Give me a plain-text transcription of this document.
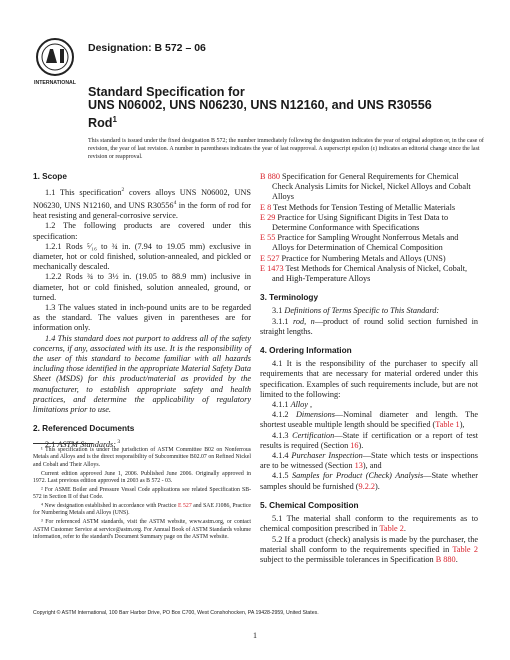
INTERNATIONAL
Designation: B 572 – 06
Standard Specification for
UNS N06002, UNS N06230, UNS N12160, and UNS R30556
Rod$^1$
This standard is issued under the fixed designation B 572; the number immediately following the designation indicates the year of original adoption or, in the case of revision, the year of last revision. A number in parentheses indicates the year of last reapproval. A superscript epsilon (ε) indicates an editorial change since the last revision or reapproval.

1. Scope

1.1 This specification$^2$ covers alloys UNS N06002, UNS N06230, UNS N12160, and UNS R30556$^4$ in the form of rod for heat resisting and general-corrosive service.

1.2 The following products are covered under this specification:

1.2.1 Rods ⁵⁄₁₆ to ¾ in. (7.94 to 19.05 mm) exclusive in diameter, hot or cold finished, solution-annealed, and pickled or mechanically descaled.

1.2.2 Rods ¾ to 3½ in. (19.05 to 88.9 mm) inclusive in diameter, hot or cold finished, solution annealed, ground, or turned.

1.3 The values stated in inch-pound units are to be regarded as the standard. The values given in parentheses are for information only.

1.4 This standard does not purport to address all of the safety concerns, if any, associated with its use. It is the responsibility of the user of this standard to become familiar with all hazards including those identified in the appropriate Material Safety Data Sheet (MSDS) for this product/material as provided by the manufacturer, to establish appropriate safety and health practices, and determine the applicability of regulatory limitations prior to use.

2. Referenced Documents

2.1 ASTM Standards: $^3$

B 880 Specification for General Requirements for Chemical Check Analysis Limits for Nickel, Nickel Alloys and Cobalt Alloys

E 8 Test Methods for Tension Testing of Metallic Materials

E 29 Practice for Using Significant Digits in Test Data to Determine Conformance with Specifications

E 55 Practice for Sampling Wrought Nonferrous Metals and Alloys for Determination of Chemical Composition

E 527 Practice for Numbering Metals and Alloys (UNS)

E 1473 Test Methods for Chemical Analysis of Nickel, Cobalt, and High-Temperature Alloys

3. Terminology

3.1 Definitions of Terms Specific to This Standard:

3.1.1 rod, n—product of round solid section furnished in straight lengths.

4. Ordering Information

4.1 It is the responsibility of the purchaser to specify all requirements that are necessary for material ordered under this specification. Examples of such requirements include, but are not limited to the following:

4.1.1 Alloy ,

4.1.2 Dimensions—Nominal diameter and length. The shortest useable multiple length should be specified (Table 1),

4.1.3 Certification—State if certification or a report of test results is required (Section 16).

4.1.4 Purchaser Inspection—State which tests or inspections are to be witnessed (Section 13), and

4.1.5 Samples for Product (Check) Analysis—State whether samples should be furnished (9.2.2).

5. Chemical Composition

5.1 The material shall conform to the requirements as to chemical composition prescribed in Table 2.

5.2 If a product (check) analysis is made by the purchaser, the material shall conform to the requirements specified in Table 2 subject to the permissible tolerances in Specification B 880.

¹ This specification is under the jurisdiction of ASTM Committee B02 on Nonferrous Metals and Alloys and is the direct responsibility of Subcommittee B02.07 on Refined Nickel and Cobalt and Their Alloys.

Current edition approved June 1, 2006. Published June 2006. Originally approved in 1972. Last previous edition approved in 2003 as B 572 - 03.

² For ASME Boiler and Pressure Vessel Code applications see related Specification SB-572 in Section II of that Code.

⁴ New designation established in accordance with Practice E 527 and SAE J1086, Practice for Numbering Metals and Alloys (UNS).

³ For referenced ASTM standards, visit the ASTM website, www.astm.org, or contact ASTM Customer Service at service@astm.org. For Annual Book of ASTM Standards volume information, refer to the standard's Document Summary page on the ASTM website.

Copyright © ASTM International, 100 Barr Harbor Drive, PO Box C700, West Conshohocken, PA 19428-2959, United States.
1
